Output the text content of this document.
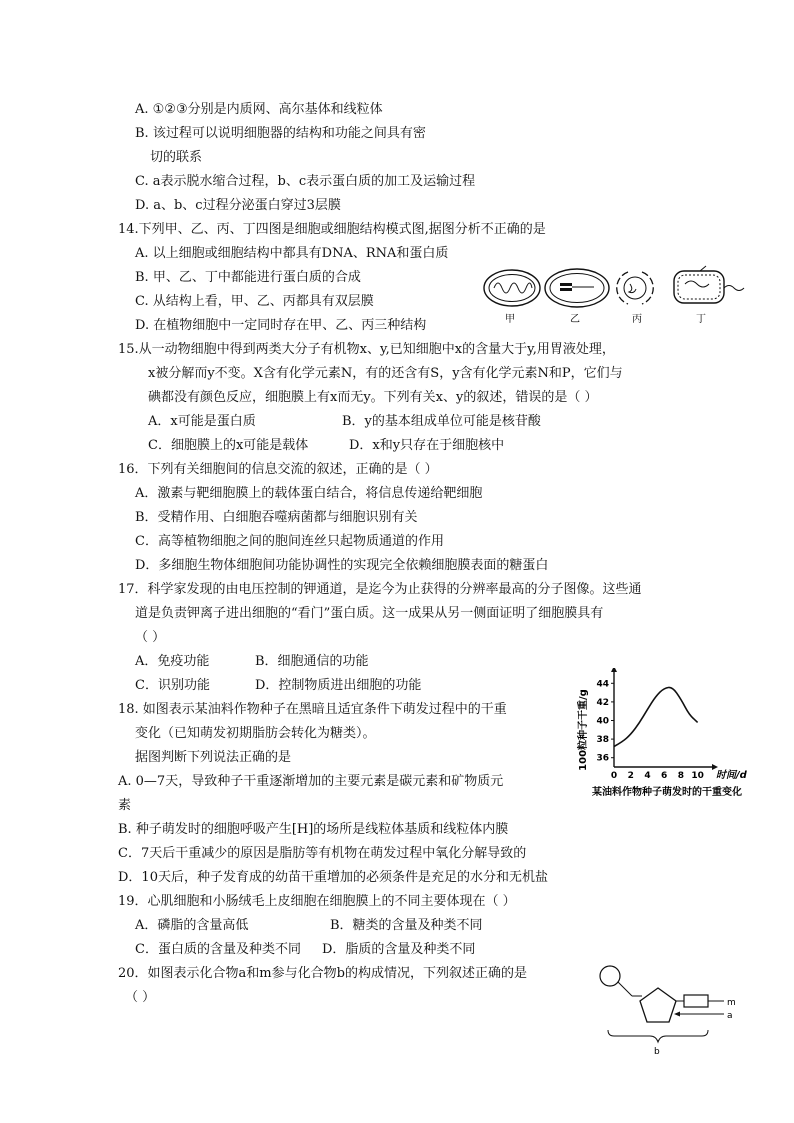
A. ①②③分别是内质网、高尔基体和线粒体
B. 该过程可以说明细胞器的结构和功能之间具有密
切的联系
C. a表示脱水缩合过程，b、c表示蛋白质的加工及运输过程
D. a、b、c过程分泌蛋白穿过3层膜
14.下列甲、乙、丙、丁四图是细胞或细胞结构模式图,据图分析不正确的是
A. 以上细胞或细胞结构中都具有DNA、RNA和蛋白质
B. 甲、乙、丁中都能进行蛋白质的合成
C. 从结构上看，甲、乙、丙都具有双层膜
D. 在植物细胞中一定同时存在甲、乙、丙三种结构	甲	乙	丙	丁
15.从一动物细胞中得到两类大分子有机物x、y,已知细胞中x的含量大于y,用胃液处理，
x被分解而y不变。X含有化学元素N，有的还含有S，y含有化学元素N和P，它们与
碘都没有颜色反应，细胞膜上有x而无y。下列有关x、y的叙述，错误的是（ ）
A．x可能是蛋白质	B．y的基本组成单位可能是核苷酸
C．细胞膜上的x可能是载体	D．x和y只存在于细胞核中
16．下列有关细胞间的信息交流的叙述，正确的是（ ）
A．激素与靶细胞膜上的载体蛋白结合，将信息传递给靶细胞
B．受精作用、白细胞吞噬病菌都与细胞识别有关
C．高等植物细胞之间的胞间连丝只起物质通道的作用
D．多细胞生物体细胞间功能协调性的实现完全依赖细胞膜表面的糖蛋白
17．科学家发现的由电压控制的钾通道，是迄今为止获得的分辨率最高的分子图像。这些通
道是负责钾离子进出细胞的“看门”蛋白质。这一成果从另一侧面证明了细胞膜具有
（ ）
A．免疫功能	B．细胞通信的功能
C．识别功能	D．控制物质进出细胞的功能
18. 如图表示某油料作物种子在黑暗且适宜条件下萌发过程中的干重
变化（已知萌发初期脂肪会转化为糖类）。
据图判断下列说法正确的是
A. 0—7天，导致种子干重逐渐增加的主要元素是碳元素和矿物质元
素
B. 种子萌发时的细胞呼吸产生[H]的场所是线粒体基质和线粒体内膜
C．7天后干重减少的原因是脂肪等有机物在萌发过程中氧化分解导致的
D．10天后，种子发育成的幼苗干重增加的必须条件是充足的水分和无机盐
0 2 4 6 8 10
36
38
40
42
44
100粒种子干重/g
时间/d
某油料作物种子萌发时的干重变化
19．心肌细胞和小肠绒毛上皮细胞在细胞膜上的不同主要体现在（ ）
A．磷脂的含量高低	B．糖类的含量及种类不同
C．蛋白质的含量及种类不同 D．脂质的含量及种类不同
20．如图表示化合物a和m参与化合物b的构成情况，下列叙述正确的是
（ ）	m
a
b
